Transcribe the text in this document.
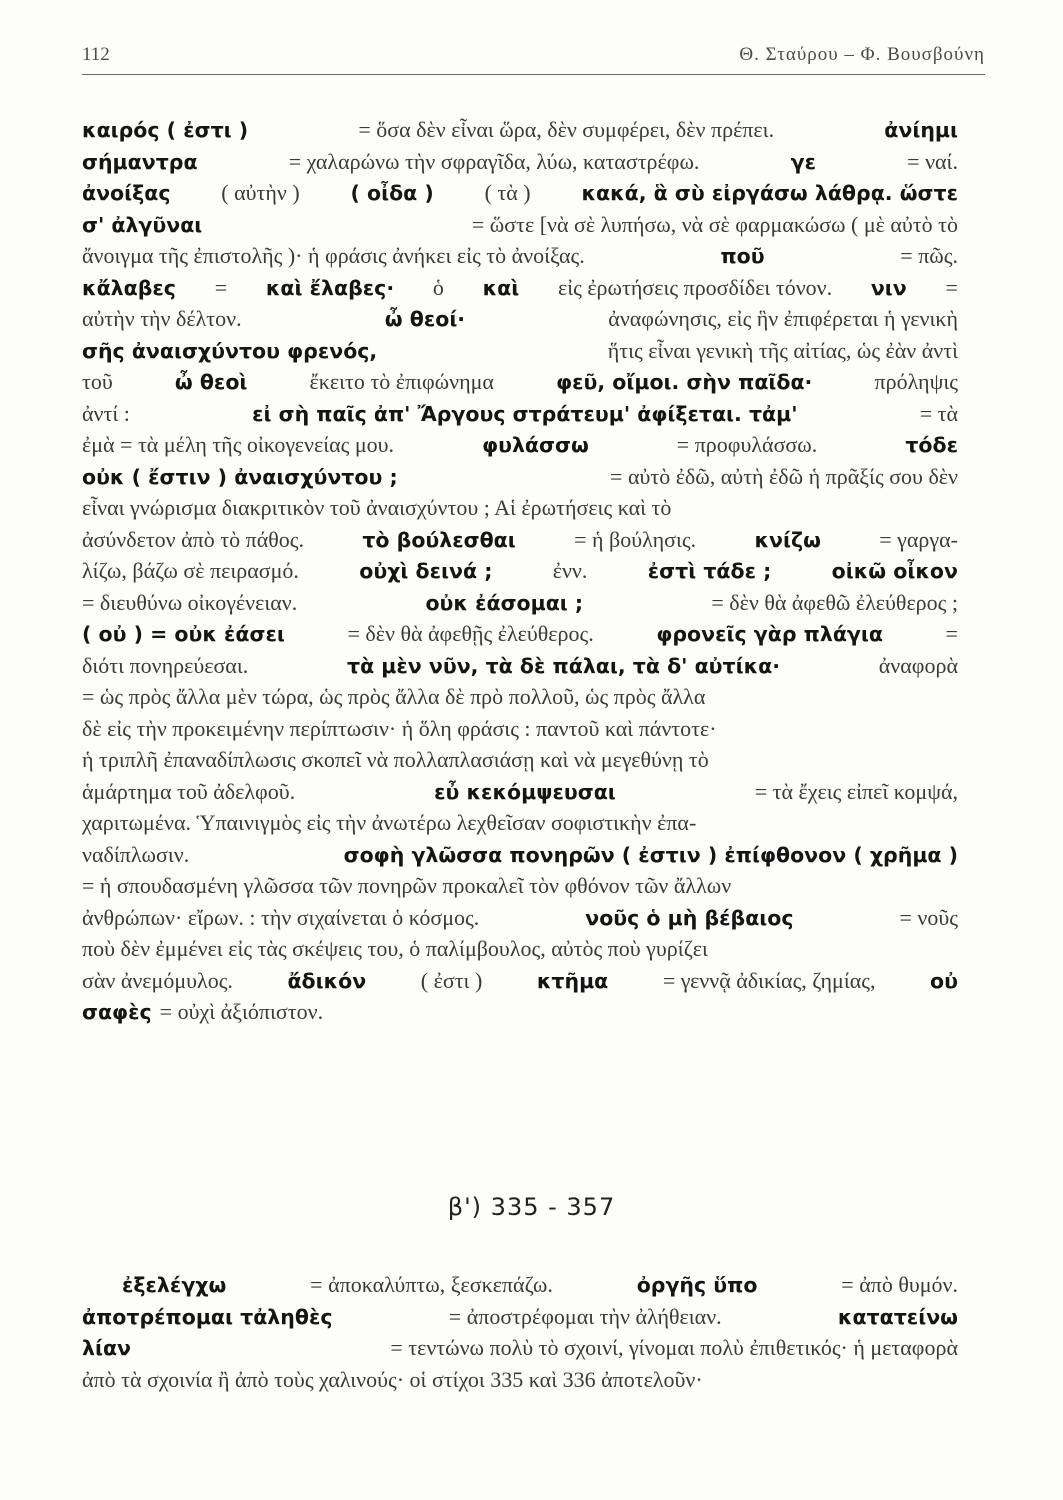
112	Θ. Σταύρου – Φ. Βουσβούνη
καιρός ( ἐστι )	= ὅσα δὲν εἶναι ὥρα, δὲν συμφέρει, δὲν πρέπει.	ἀνίημι
σήμαντρα	= χαλαρώνω τὴν σφραγῖδα, λύω, καταστρέφω.	γε	= ναί.
ἀνοίξας ( αὐτὴν ) ( οἶδα ) ( τὰ ) κακά, ἃ σὺ εἰργάσω λάθρᾳ. ὥστε
σ' ἀλγῦναι	= ὥστε [νὰ σὲ λυπήσω, νὰ σὲ φαρμακώσω ( μὲ αὐτὸ τὸ
ἄνοιγμα τῆς ἐπιστολῆς )· ἡ φράσις ἀνήκει εἰς τὸ ἀνοίξας.	ποῦ	= πῶς.
κἄλαβες = καὶ ἔλαβες· ὁ καὶ εἰς ἐρωτήσεις προσδίδει τόνον. νιν =
αὐτὴν τὴν δέλτον.	ὦ θεοί·	ἀναφώνησις, εἰς ἣν ἐπιφέρεται ἡ γενικὴ
σῆς ἀναισχύντου φρενός,	ἥτις εἶναι γενικὴ τῆς αἰτίας, ὡς ἐὰν ἀντὶ
τοῦ	ὦ θεοὶ	ἔκειτο τὸ ἐπιφώνημα	φεῦ, οἴμοι. σὴν παῖδα·	πρόληψις
ἀντί :	εἰ σὴ παῖς ἀπ' Ἄργους στράτευμ' ἀφίξεται. τἀμ'	= τὰ
ἐμὰ = τὰ μέλη τῆς οἰκογενείας μου.	φυλάσσω	= προφυλάσσω.	τόδε
οὐκ ( ἔστιν ) ἀναισχύντου ;	= αὐτὸ ἐδῶ, αὐτὴ ἐδῶ ἡ πρᾶξίς σου δὲν
εἶναι γνώρισμα διακριτικὸν τοῦ ἀναισχύντου ; Αἱ ἐρωτήσεις καὶ τὸ
ἀσύνδετον ἀπὸ τὸ πάθος.	τὸ βούλεσθαι	= ἡ βούλησις.	κνίζω	= γαργα-
λίζω, βάζω σὲ πειρασμό.	οὐχὶ δεινά ;	ἐνν.	ἐστὶ τάδε ;	οἰκῶ οἶκον
= διευθύνω οἰκογένειαν.	οὐκ ἐάσομαι ;	= δὲν θὰ ἀφεθῶ ἐλεύθερος ;
( οὐ ) = οὐκ ἐάσει	= δὲν θὰ ἀφεθῇς ἐλεύθερος.	φρονεῖς γὰρ πλάγια	=
διότι πονηρεύεσαι.	τὰ μὲν νῦν, τὰ δὲ πάλαι, τὰ δ' αὐτίκα·	ἀναφορὰ
= ὡς πρὸς ἄλλα μὲν τώρα, ὡς πρὸς ἄλλα δὲ πρὸ πολλοῦ, ὡς πρὸς ἄλλα
δὲ εἰς τὴν προκειμένην περίπτωσιν· ἡ ὅλη φράσις : παντοῦ καὶ πάντοτε·
ἡ τριπλῆ ἐπαναδίπλωσις σκοπεῖ νὰ πολλαπλασιάσῃ καὶ νὰ μεγεθύνῃ τὸ
ἁμάρτημα τοῦ ἀδελφοῦ.	εὖ κεκόμψευσαι	= τὰ ἔχεις εἰπεῖ κομψά,
χαριτωμένα. Ὑπαινιγμὸς εἰς τὴν ἀνωτέρω λεχθεῖσαν σοφιστικὴν ἐπα-
ναδίπλωσιν.	σοφὴ γλῶσσα πονηρῶν ( ἐστιν ) ἐπίφθονον ( χρῆμα )
= ἡ σπουδασμένη γλῶσσα τῶν πονηρῶν προκαλεῖ τὸν φθόνον τῶν ἄλλων
ἀνθρώπων· εἴρων. : τὴν σιχαίνεται ὁ κόσμος.	νοῦς ὁ μὴ βέβαιος	= νοῦς
ποὺ δὲν ἐμμένει εἰς τὰς σκέψεις του, ὁ παλίμβουλος, αὐτὸς ποὺ γυρίζει
σὰν ἀνεμόμυλος.	ἄδικόν ( ἐστι )	κτῆμα = γεννᾷ ἀδικίας, ζημίας,	οὐ
σαφὲς = οὐχὶ ἀξιόπιστον.
β') 335 - 357
ἐξελέγχω	= ἀποκαλύπτω, ξεσκεπάζω.	ὀργῆς ὕπο	= ἀπὸ θυμόν.
ἀποτρέπομαι τἀληθὲς	= ἀποστρέφομαι τὴν ἀλήθειαν.	κατατείνω
λίαν	= τεντώνω πολὺ τὸ σχοινί, γίνομαι πολὺ ἐπιθετικός· ἡ μεταφορὰ
ἀπὸ τὰ σχοινία ἢ ἀπὸ τοὺς χαλινούς· οἱ στίχοι 335 καὶ 336 ἀποτελοῦν·
